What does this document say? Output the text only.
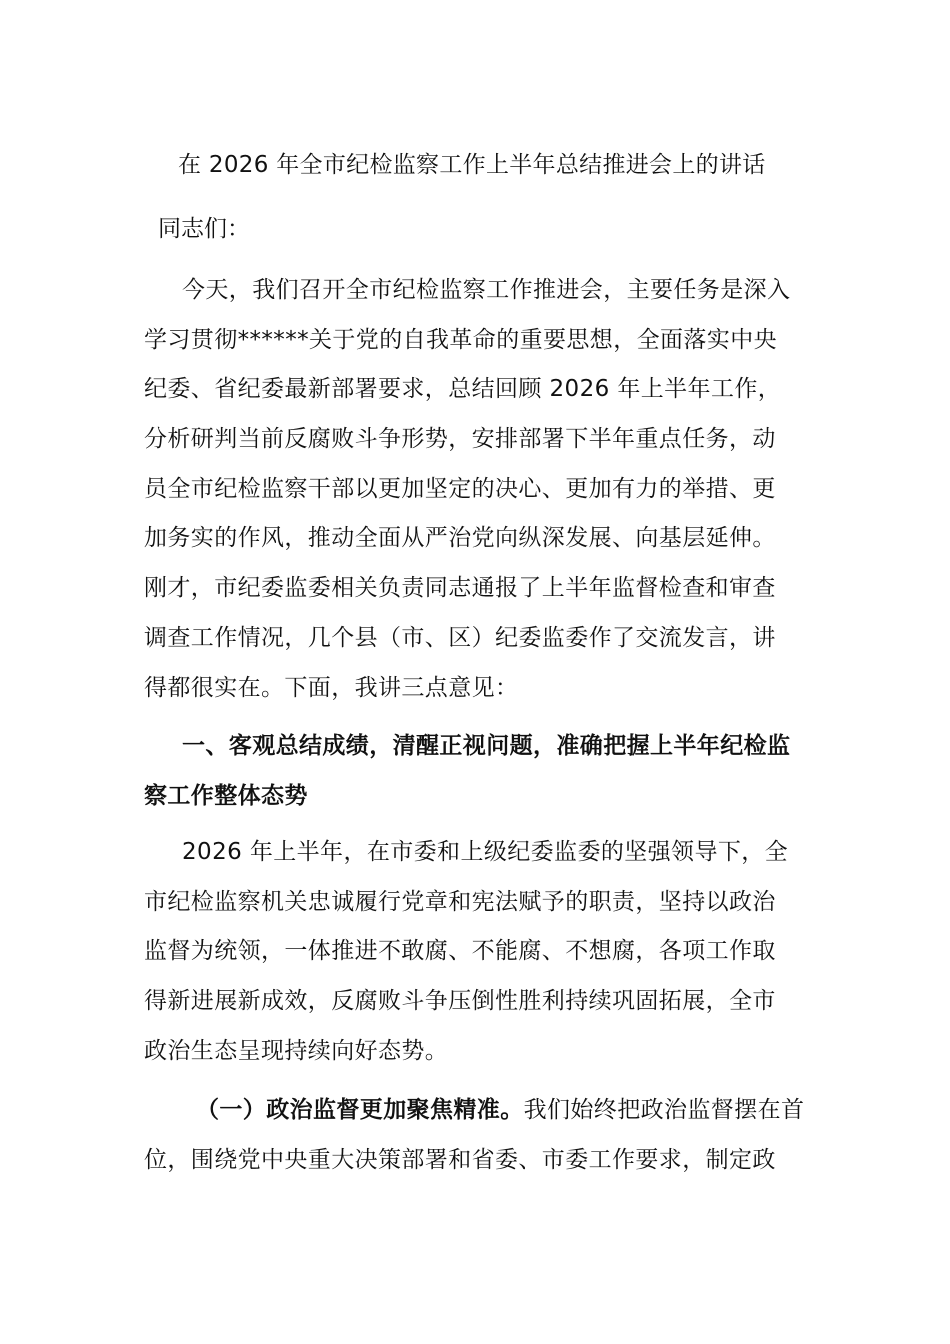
在 2026 年全市纪检监察工作上半年总结推进会上的讲话
同志们：
今天，我们召开全市纪检监察工作推进会，主要任务是深入
学习贯彻******关于党的自我革命的重要思想，全面落实中央
纪委、省纪委最新部署要求，总结回顾 2026 年上半年工作，
分析研判当前反腐败斗争形势，安排部署下半年重点任务，动
员全市纪检监察干部以更加坚定的决心、更加有力的举措、更
加务实的作风，推动全面从严治党向纵深发展、向基层延伸。
刚才，市纪委监委相关负责同志通报了上半年监督检查和审查
调查工作情况，几个县（市、区）纪委监委作了交流发言，讲
得都很实在。下面，我讲三点意见：
一、客观总结成绩，清醒正视问题，准确把握上半年纪检监
察工作整体态势
2026 年上半年，在市委和上级纪委监委的坚强领导下，全
市纪检监察机关忠诚履行党章和宪法赋予的职责，坚持以政治
监督为统领，一体推进不敢腐、不能腐、不想腐，各项工作取
得新进展新成效，反腐败斗争压倒性胜利持续巩固拓展，全市
政治生态呈现持续向好态势。
（一）政治监督更加聚焦精准。我们始终把政治监督摆在首
位，围绕党中央重大决策部署和省委、市委工作要求，制定政
